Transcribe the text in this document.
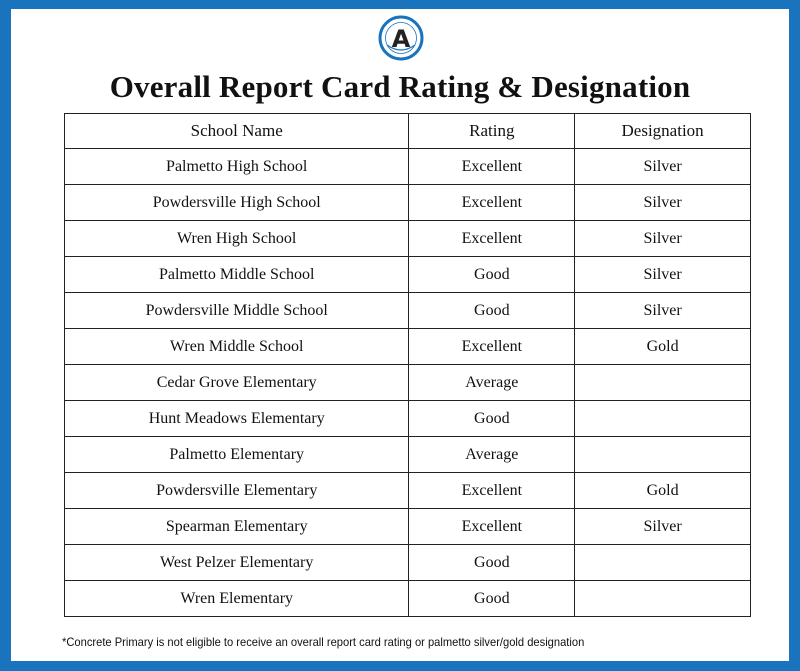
A
Overall Report Card Rating & Designation
School Name	Rating	Designation
Palmetto High School	Excellent	Silver
Powdersville High School	Excellent	Silver
Wren High School	Excellent	Silver
Palmetto Middle School	Good	Silver
Powdersville Middle School	Good	Silver
Wren Middle School	Excellent	Gold
Cedar Grove Elementary	Average	
Hunt Meadows Elementary	Good	
Palmetto Elementary	Average	
Powdersville Elementary	Excellent	Gold
Spearman Elementary	Excellent	Silver
West Pelzer Elementary	Good	
Wren Elementary	Good	
*Concrete Primary is not eligible to receive an overall report card rating or palmetto silver/gold designation
